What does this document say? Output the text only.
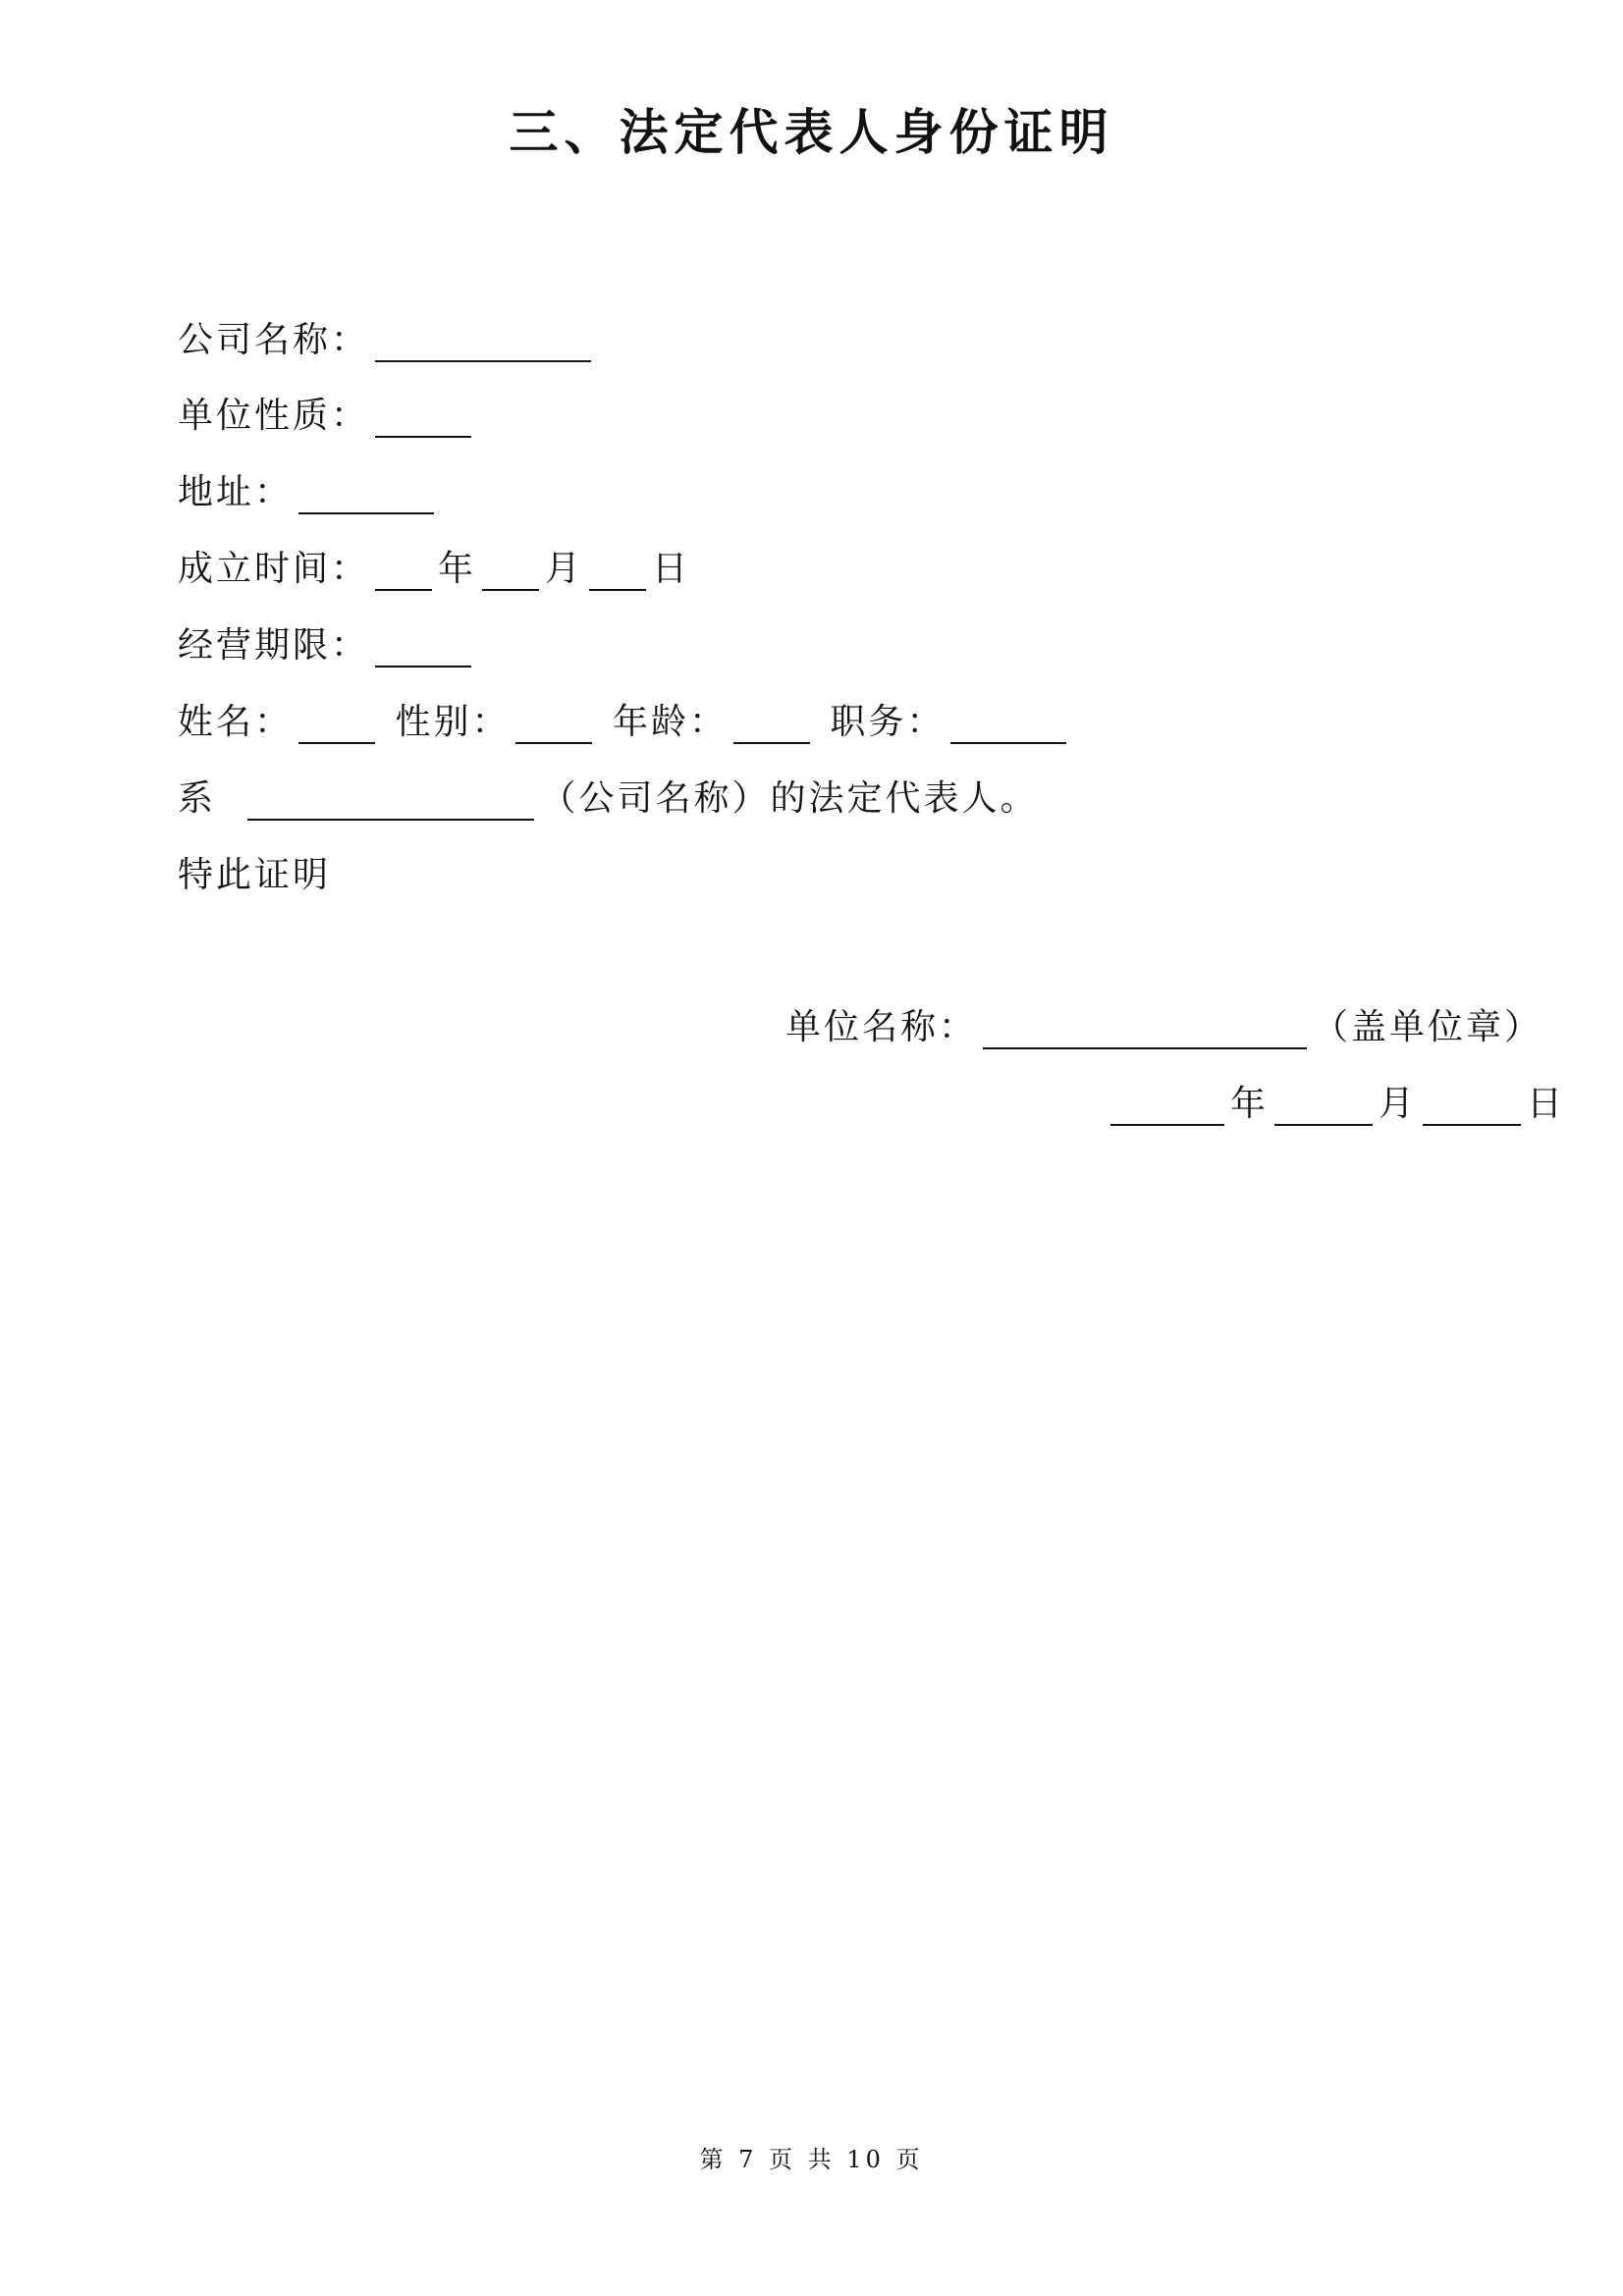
三、法定代表人身份证明
公司名称：
单位性质：
地址：
成立时间： 年 月 日
经营期限：
姓名：	性别：	年龄：	职务：
系	（公司名称）的法定代表人。
特此证明
单位名称：	（盖单位章）
年	月	日
第 7 页 共 10 页
